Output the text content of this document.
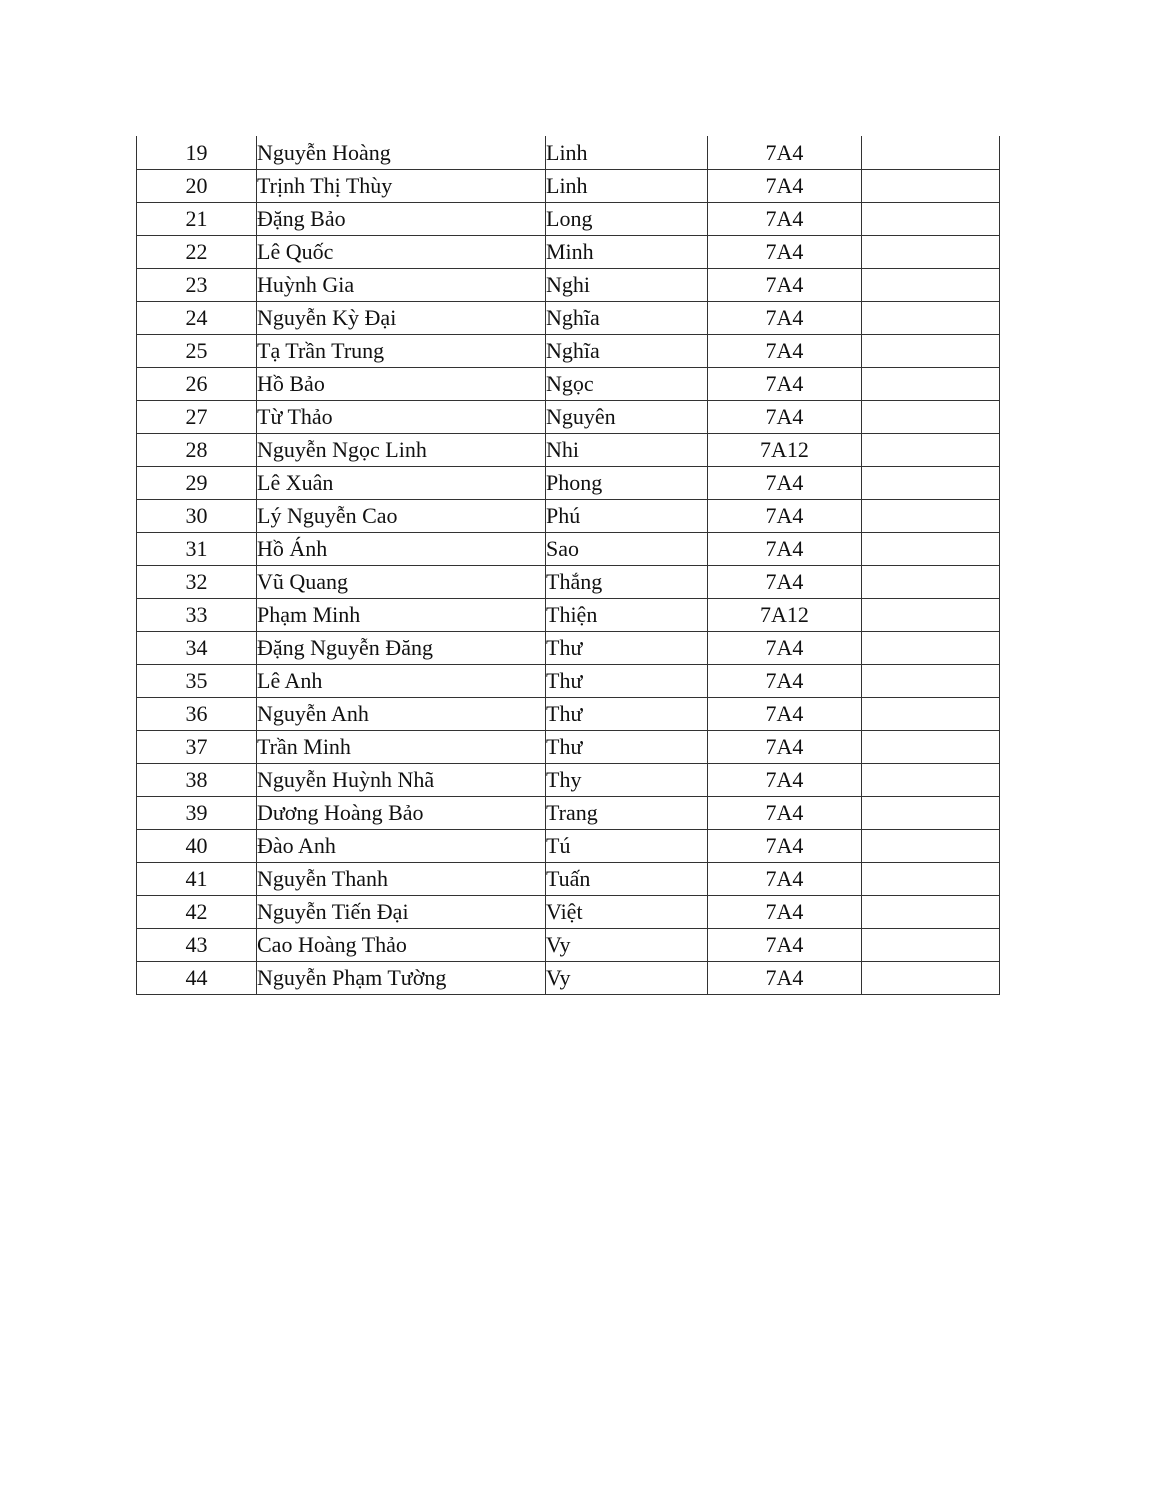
19	Nguyễn Hoàng	Linh	7A4	
20	Trịnh Thị Thùy	Linh	7A4	
21	Đặng Bảo	Long	7A4	
22	Lê Quốc	Minh	7A4	
23	Huỳnh Gia	Nghi	7A4	
24	Nguyễn Kỳ Đại	Nghĩa	7A4	
25	Tạ Trần Trung	Nghĩa	7A4	
26	Hồ Bảo	Ngọc	7A4	
27	Từ Thảo	Nguyên	7A4	
28	Nguyễn Ngọc Linh	Nhi	7A12	
29	Lê Xuân	Phong	7A4	
30	Lý Nguyễn Cao	Phú	7A4	
31	Hồ Ánh	Sao	7A4	
32	Vũ Quang	Thắng	7A4	
33	Phạm Minh	Thiện	7A12	
34	Đặng Nguyễn Đăng	Thư	7A4	
35	Lê Anh	Thư	7A4	
36	Nguyễn Anh	Thư	7A4	
37	Trần Minh	Thư	7A4	
38	Nguyễn Huỳnh Nhã	Thy	7A4	
39	Dương Hoàng Bảo	Trang	7A4	
40	Đào Anh	Tú	7A4	
41	Nguyễn Thanh	Tuấn	7A4	
42	Nguyễn Tiến Đại	Việt	7A4	
43	Cao Hoàng Thảo	Vy	7A4	
44	Nguyễn Phạm Tường	Vy	7A4	
